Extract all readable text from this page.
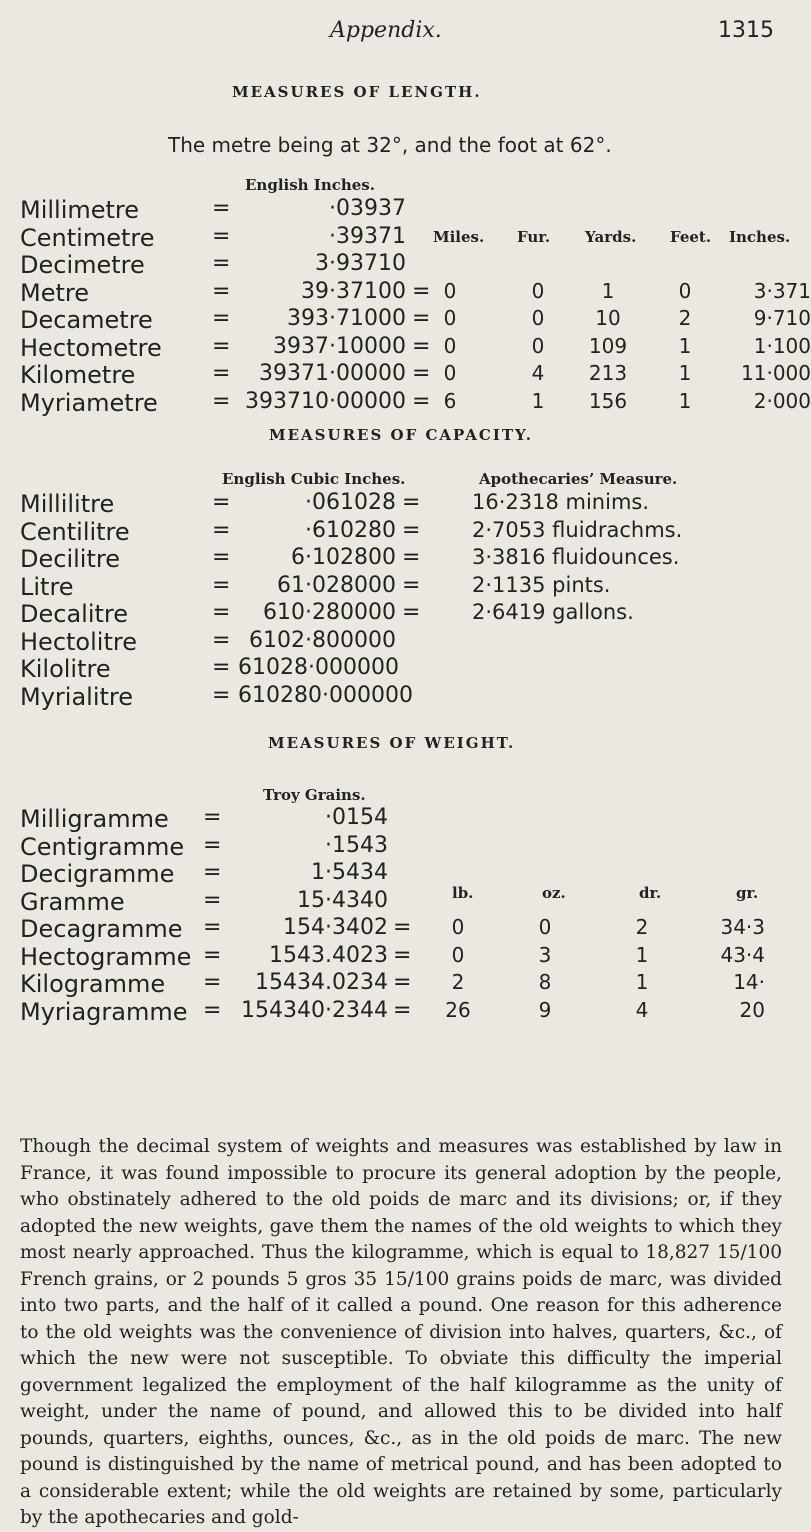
Appendix.	1315
MEASURES OF LENGTH.
The metre being at 32°, and the foot at 62°.
English Inches.
Miles. Fur. Yards. Feet. Inches.
Millimetre	=	·03937
Centimetre	=	·39371
Decimetre	=	3·93710
Metre	=	39·37100 = 0	0	1	0	3·371
Decametre	=	393·71000 = 0	0	10	2	9·710
Hectometre =	3937·10000 = 0	0	109	1	1·100
Kilometre	=	39371·00000 = 0	4	213	1	11·000
Myriametre = 393710·00000 = 6	1	156	1	2·000
MEASURES OF CAPACITY.
English Cubic Inches.	Apothecaries’ Measure.
Millilitre	=	·061028 = 16·2318 minims.
Centilitre	=	·610280 = 2·7053 fluidrachms.
Decilitre	=	6·102800 = 3·3816 fluidounces.
Litre	=	61·028000 = 2·1135 pints.
Decalitre	=	610·280000 = 2·6419 gallons.
Hectolitre	= 6102·800000
Kilolitre	= 61028·000000
Myrialitre	= 610280·000000
MEASURES OF WEIGHT.
Troy Grains.
lb.	oz.	dr.	gr.
Milligramme =	·0154
Centigramme =	·1543
Decigramme =	1·5434
Gramme	=	15·4340
Decagramme =	154·3402 =	0	0	2	34·3
Hectogramme =	1543.4023 =	0	3	1	43·4
Kilogramme =	15434.0234 =	2	8	1	14·
Myriagramme = 154340·2344 =	26	9	4	20
Though the decimal system of weights and measures was established by law in France, it was found impossible to procure its general adoption by the people, who obstinately adhered to the old poids de marc and its divisions; or, if they adopted the new weights, gave them the names of the old weights to which they most nearly approached. Thus the kilogramme, which is equal to 18,827 15/100 French grains, or 2 pounds 5 gros 35 15/100 grains poids de marc, was divided into two parts, and the half of it called a pound. One reason for this adherence to the old weights was the convenience of division into halves, quarters, &c., of which the new were not susceptible. To obviate this difficulty the imperial government legalized the employment of the half kilogramme as the unity of weight, under the name of pound, and allowed this to be divided into half pounds, quarters, eighths, ounces, &c., as in the old poids de marc. The new pound is distinguished by the name of metrical pound, and has been adopted to a considerable extent; while the old weights are retained by some, particularly by the apothecaries and gold-
